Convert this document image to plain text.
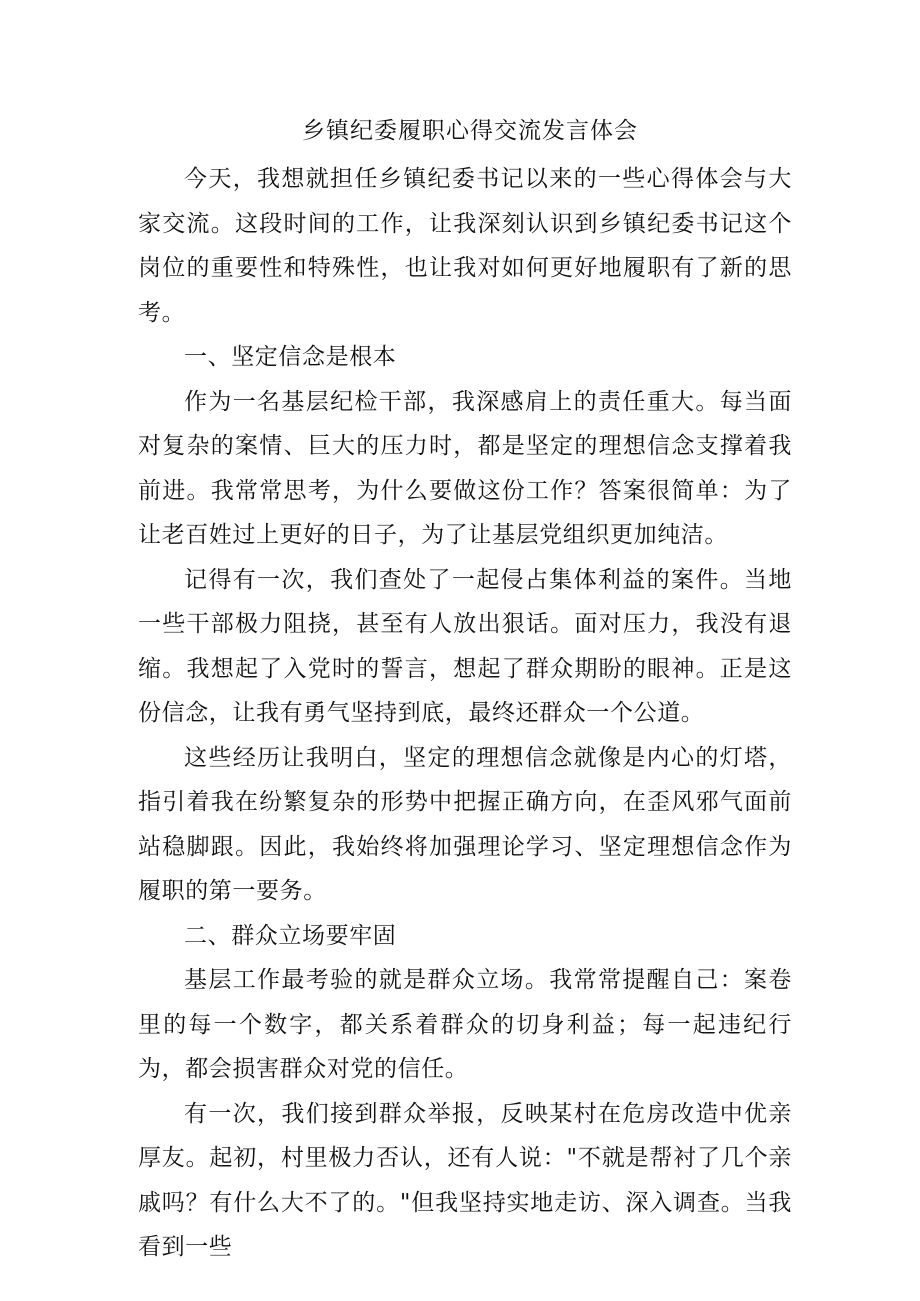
乡镇纪委履职心得交流发言体会

今天，我想就担任乡镇纪委书记以来的一些心得体会与大家交流。这段时间的工作，让我深刻认识到乡镇纪委书记这个岗位的重要性和特殊性，也让我对如何更好地履职有了新的思考。

一、坚定信念是根本

作为一名基层纪检干部，我深感肩上的责任重大。每当面对复杂的案情、巨大的压力时，都是坚定的理想信念支撑着我前进。我常常思考，为什么要做这份工作？答案很简单：为了让老百姓过上更好的日子，为了让基层党组织更加纯洁。

记得有一次，我们查处了一起侵占集体利益的案件。当地一些干部极力阻挠，甚至有人放出狠话。面对压力，我没有退缩。我想起了入党时的誓言，想起了群众期盼的眼神。正是这份信念，让我有勇气坚持到底，最终还群众一个公道。

这些经历让我明白，坚定的理想信念就像是内心的灯塔，指引着我在纷繁复杂的形势中把握正确方向，在歪风邪气面前站稳脚跟。因此，我始终将加强理论学习、坚定理想信念作为履职的第一要务。

二、群众立场要牢固

基层工作最考验的就是群众立场。我常常提醒自己：案卷里的每一个数字，都关系着群众的切身利益；每一起违纪行为，都会损害群众对党的信任。

有一次，我们接到群众举报，反映某村在危房改造中优亲厚友。起初，村里极力否认，还有人说："不就是帮衬了几个亲戚吗？有什么大不了的。"但我坚持实地走访、深入调查。当我看到一些
